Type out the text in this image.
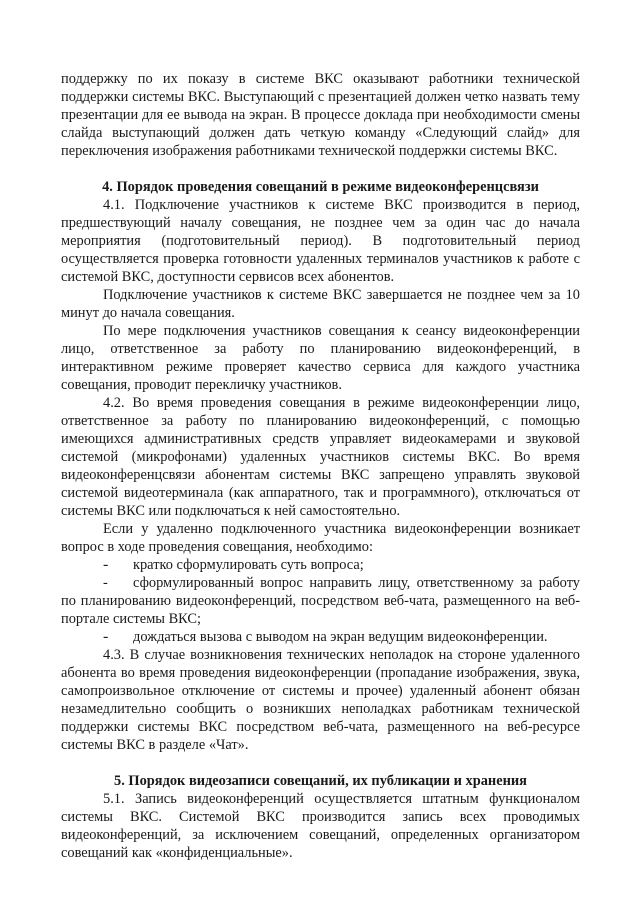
поддержку по их показу в системе ВКС оказывают работники технической поддержки системы ВКС. Выступающий с презентацией должен четко назвать тему презентации для ее вывода на экран. В процессе доклада при необходимости смены слайда выступающий должен дать четкую команду «Следующий слайд» для переключения изображения работниками технической поддержки системы ВКС.

4. Порядок проведения совещаний в режиме видеоконференцсвязи

4.1. Подключение участников к системе ВКС производится в период, предшествующий началу совещания, не позднее чем за один час до начала мероприятия (подготовительный период). В подготовительный период осуществляется проверка готовности удаленных терминалов участников к работе с системой ВКС, доступности сервисов всех абонентов.

Подключение участников к системе ВКС завершается не позднее чем за 10 минут до начала совещания.

По мере подключения участников совещания к сеансу видеоконференции лицо, ответственное за работу по планированию видеоконференций, в интерактивном режиме проверяет качество сервиса для каждого участника совещания, проводит перекличку участников.

4.2. Во время проведения совещания в режиме видеоконференции лицо, ответственное за работу по планированию видеоконференций, с помощью имеющихся административных средств управляет видеокамерами и звуковой системой (микрофонами) удаленных участников системы ВКС. Во время видеоконференцсвязи абонентам системы ВКС запрещено управлять звуковой системой видеотерминала (как аппаратного, так и программного), отключаться от системы ВКС или подключаться к ней самостоятельно.

Если у удаленно подключенного участника видеоконференции возникает вопрос в ходе проведения совещания, необходимо:

-	кратко сформулировать суть вопроса;

- сформулированный вопрос направить лицу, ответственному за работу по планированию видеоконференций, посредством веб-чата, размещенного на веб-портале системы ВКС;

-	дождаться вызова с выводом на экран ведущим видеоконференции.

4.3. В случае возникновения технических неполадок на стороне удаленного абонента во время проведения видеоконференции (пропадание изображения, звука, самопроизвольное отключение от системы и прочее) удаленный абонент обязан незамедлительно сообщить о возникших неполадках работникам технической поддержки системы ВКС посредством веб-чата, размещенного на веб-ресурсе системы ВКС в разделе «Чат».

5. Порядок видеозаписи совещаний, их публикации и хранения

5.1. Запись видеоконференций осуществляется штатным функционалом системы ВКС. Системой ВКС производится запись всех проводимых видеоконференций, за исключением совещаний, определенных организатором совещаний как «конфиденциальные».
